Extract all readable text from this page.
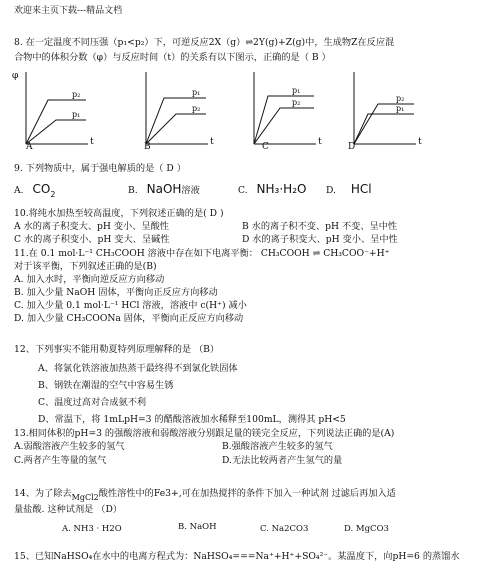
欢迎来主页下载---精品文档
8. 在一定温度不同压强（p₁<p₂）下，可逆反应2X（g）⇌2Y(g)+Z(g)中，生成物Z在反应混
合物中的体积分数（φ）与反应时间（t）的关系有以下图示，正确的是（ B ）
φ
p₂
p₁
t
A
p₁
p₂
t
B
p₁
p₂
t
C
p₂
p₁
t
D
9. 下列物质中，属于强电解质的是（ D ）
A. CO2	B. NaOH溶液	C. NH₃·H₂O D. HCl
10.将纯水加热至较高温度，下列叙述正确的是( D )
A 水的离子积变大、pH 变小、呈酸性	B 水的离子积不变、pH 不变、呈中性
C 水的离子积变小、pH 变大、呈碱性	D 水的离子积变大、pH 变小、呈中性
11.在 0.1 mol·L⁻¹ CH₃COOH 溶液中存在如下电离平衡： CH₃COOH ⇌ CH₃COO⁻+H⁺
对于该平衡，下列叙述正确的是(B)
A. 加入水时，平衡向逆反应方向移动
B. 加入少量 NaOH 固体，平衡向正反应方向移动
C. 加入少量 0.1 mol·L⁻¹ HCl 溶液，溶液中 c(H⁺) 减小
D. 加入少量 CH₃COONa 固体，平衡向正反应方向移动
12、下列事实不能用勒夏特列原理解释的是 （B）
A、将氯化铁溶液加热蒸干最终得不到氯化铁固体
B、钢铁在潮湿的空气中容易生锈
C、温度过高对合成氨不利
D、常温下，将 1mLpH=3 的醋酸溶液加水稀释至100mL，测得其 pH<5
13.相同体积的pH=3 的强酸溶液和弱酸溶液分别跟足量的镁完全反应，下列说法正确的是(A)
A.弱酸溶液产生较多的氢气	B.强酸溶液产生较多的氢气
C.两者产生等量的氢气	D.无法比较两者产生氢气的量
14、为了除去MgCl2酸性溶性中的Fe3+,可在加热搅拌的条件下加入一种试剂 过滤后再加入适
量盐酸. 这种试剂是 （D）
A. NH3 · H2O	B. NaOH	C. Na2CO3	D. MgCO3
15、已知NaHSO₄在水中的电离方程式为：NaHSO₄===Na⁺+H⁺+SO₄²⁻。某温度下，向pH=6 的蒸馏水
